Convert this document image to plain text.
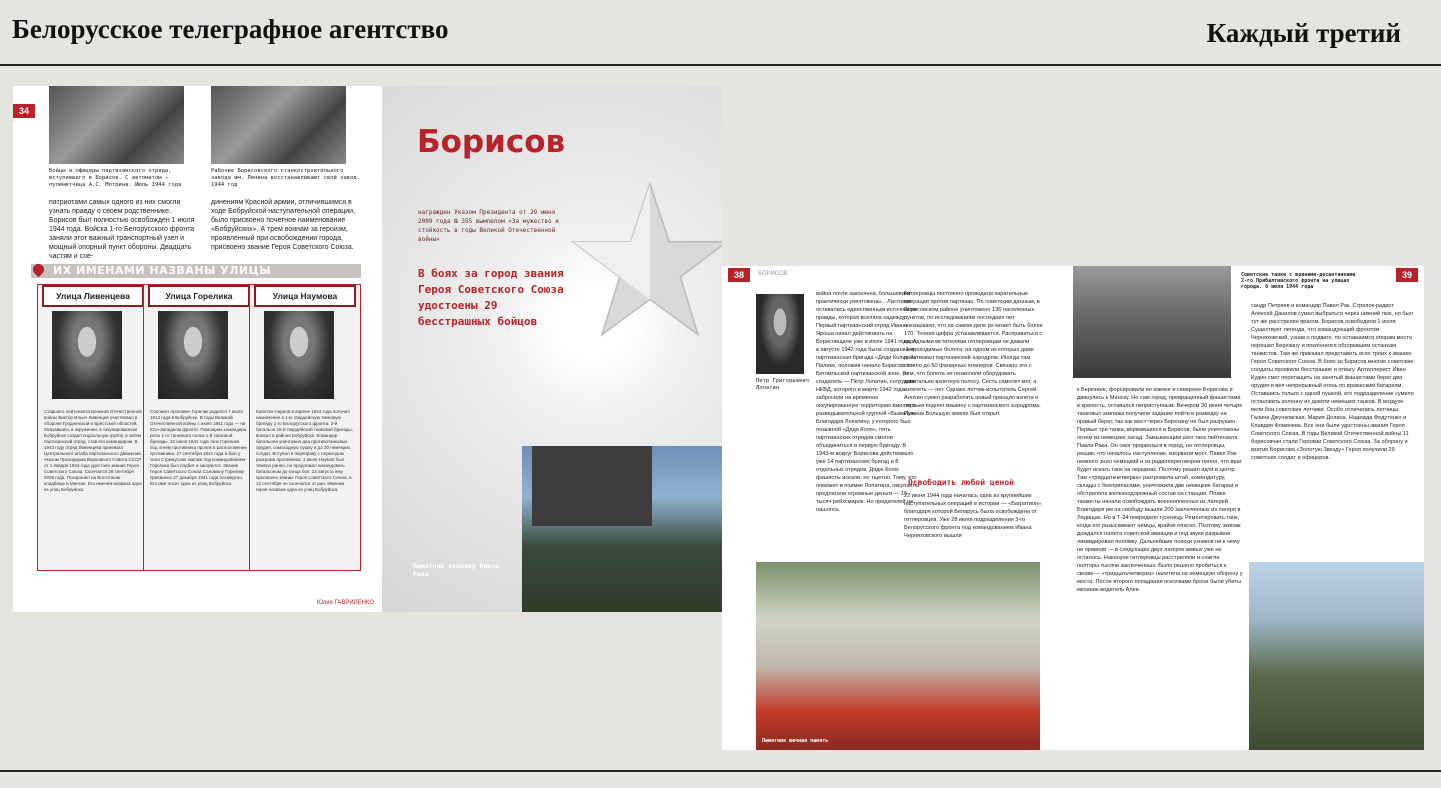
Белорусское телеграфное агентство	Каждый третий
34
Бойцы и офицеры партизанского отряда, вступившего в Борисов. С автоматом — пулеметчица А.С. Мотрина. Июль 1944 года
Рабочие Борисовского станкостроительного завода им. Ленина восстанавливают свой завод. 1944 год
патриотами самых одного из них смогли узнать правду о своем родственнике. Борисов был полностью освобожден 1 июля 1944 года. Войска 1-го Белорусского фронта заняли этот важный транспортный узел и мощный опорный пункт обороны. Двадцать частям и сое-
динениям Красной армии, отличившимся в ходе Бобруйской наступательной операции, было присвоено почетное наименование «Бобруйских». А трем воинам за героизм, проявленный при освобождении города, присвоено звание Героя Советского Союза.
ИХ ИМЕНАМИ НАЗВАНЫ УЛИЦЫ
Улица Ливенцева
Старшего лейтенанта Великой Отечественной войны Виктор Ильич Ливенцев участвовал в обороне Гродненской и Брестской областей. Оказавшись в окружении, в оккупированном Бобруйске создал подпольную группу, а затем партизанский отряд, став его командиром. В 1943 году отряд Ливенцева принимал Центрального штаба партизанского движения. Указом Президиума Верховного Совета СССР от 1 января 1944 года удостоен звания Героя Советского Союза. Скончался 28 сентября 2009 года. Похоронен на Восточном кладбище в Минске. Его именем названа одна из улиц Бобруйска.
Улица Горелика
Соломон Аронович Горелик родился 7 июля 1913 года в Бобруйске. В годы Великой Отечественной войны с июня 1941 года — на Юго-Западном фронте. Помощник командира роты 1-го танкового полка 1-й танковой бригады. 22 июня 1941 года танк Горелика под огнем противника проник в расположение противника. 27 сентября 1941 года в бою у села Стремусово экипаж под командованием Горелика был подбит и загорелся. Звание Героя Советского Союза Соломону Горелику присвоено 27 декабря 1941 года посмертно. Его имя носит одна из улиц Бобруйска.
Улица Наумова
Капитан Наумов в апреле 1944 года получил назначение в 1-ю гвардейскую танковую бригаду 1-го Белорусского фронта. 2-й батальон 15-й гвардейской танковой бригады, воевал в районе Бобруйска. Командир батальона уничтожил два противотанковых орудия, самоходную пушку и до 30 немецких солдат. Вступил в переправу с переходом разгрома противника. 1 июля Наумов был тяжело ранен, но продолжал командовать батальоном до конца боя. 22 августа ему присвоено звание Героя Советского Союза, а 12 сентября он скончался от ран. Именем героя названа одна из улиц Бобруйска.
Юлия ГАВРИЛЕНКО
Борисов
награжден Указом Президента от 29 июня 2009 года № 355 вымпелом «За мужество и стойкость в годы Великой Отечественной войны»
В боях за город звания Героя Советского Союза удостоены 29 бесстрашных бойцов
Памятник экипажу Павла Рака
38	БОРИСОВ
Петр Григорьевич Лопатин
война почти закончена, большевики практически уничтожены... Листовки оставались единственным источником правды, которая вселяла надежду. Первый партизанский отряд Ивана Яроша начал действовать на Борисовщине уже в июле 1941 года. А в августе 1942 года была создана 1-я партизанская бригада «Дяди Коли» на Палике, положив начало Борисовско-Бегомльской партизанской зоне. Ее создатель — Петр Лопатин, сотрудник НКВД, которого в марте 1942 года забросили на временно оккупированную территорию вместе с разведывательной группой «Бывалые». Благодаря Лопатину, у которого был позывной «Дядя Коля», пять партизанских отрядов смогли объединиться в первую бригаду. В 1943-м вокруг Борисова действовало уже 14 партизанских бригад и 8 отдельных отрядов. Дядю Колю фашисты искали, но тщетно. Тому, кто поможет в поимке Лопатина, оккупанты предлагали огромные деньги — 15 тысяч рейхсмарок. Но предателей не нашлось.
Гитлеровцы постоянно проводили карательные операции против партизан. По советским данным, в Борисовском районе уничтожено 136 населенных пунктов, по исследованиям последних лет показывают, что на самом деле их может быть более 170. Точная цифра устанавливается. Расправиться с народными мстителями гитлеровцам не давали непроходимые болота, на одном из которых даже действовал партизанский аэродром. Иногда там стояло до 50 фанерных планеров. Связано это с тем, что болота не позволяли оборудовать капитально взлетную полосу. Сесть самолет мог, а взлететь — нет. Однако летчик-испытатель Сергей Анохин сумел разработать новый принцип взлета и первым поднял машину с партизанского аэродрома. Путь на Большую землю был открыт.
Освободить любой ценой
22 июня 1944 года началась одна из крупнейших наступательных операций в истории — «Багратион», благодаря которой Беларусь была освобождена от гитлеровцев. Уже 28 июня подразделения 3-го Белорусского фронта под командованием Ивана Черняховского вышли
Памятник вечная память
39
Советские танки с воинами-десантниками 2-го Прибалтийского фронта на улицах города. 6 июля 1944 года
к Березине, форсировали ее южнее и севернее Борисова и двинулись к Минску. Но сам город, превращенный фашистами в крепость, оставался неприступным. Вечером 30 июня четыре танковых экипажа получили задание пойти в разведку на правый берег, так как мост через Березину не был разрушен. Первые три танка, ворвавшиеся в Борисов, были уничтожены огнем из немецких засад. Замыкающим шел танк лейтенанта Павла Рака. Он смог прорваться в город, но гитлеровцы, решив, что началось наступление, взорвали мост. Павел Рак немного знал немецкий и из радиопереговоров понял, что враг будет искать танк на окраинах. Поэтому решил идти в центр. Там «тридцатьчетверка» разгромила штаб, комендатуру, склады с боеприпасами, уничтожила две немецкие батареи и обстреляла железнодорожный состав на станции. Позже танкисты начали освобождать военнопленных из лагерей. Благодаря им на свободу вышли 200 заключенных из лагеря в Лядищах. Но в Т-34 повредило гусеницу. Ремонтировать танк, когда его разыскивают немцы, крайне опасно. Поэтому экипаж дождался налета советской авиации и под звуки разрывов ликвидировал поломку. Дальнейшие поиски узников ни к чему не привели — в следующих двух лагерях живых уже не осталось. Накануне гитлеровцы расстреляли и сожгли полторы тысячи заключенных. Было решено пробиться к своим — «тридцатьчетверка» налетела на немецкую оборону у моста. После второго попадания осколками брони были убиты механик-водитель Алек-
сандр Петряев и командир Павел Рак. Стрелок-радист Алексей Данилов сумел выбраться через нижний люк, но был тут же расстрелян врагом. Борисов освободили 1 июля. Существует легенда, что командующий фронтом Черняховский, узнав о подвиге, по оставшимся опорам моста перешел Березину и поклонился обгоревшим останкам танкистов. Там же приказал представить всех троих к званию Героя Советского Союза. В боях за Борисов многие советские солдаты проявили бесстрашие и отвагу. Артиллерист Иван Кудин смог перетащить на занятый фашистами берег два орудия и вел непрерывный огонь по вражеским батареям. Оставшись только с одной пушкой, его подразделение сумело остановить колонну из девяти немецких танков. В воздухе вели бои советские летчики. Особо отличились летчицы Галина Джунковская, Мария Долина, Надежда Федутенко и Клавдия Фомичева. Все они были удостоены звания Героя Советского Союза. В годы Великой Отечественной войны 11 борисовчан стали Героями Советского Союза. За оборону и взятие Борисова «Золотую Звезду» Героя получили 29 советских солдат и офицеров.
